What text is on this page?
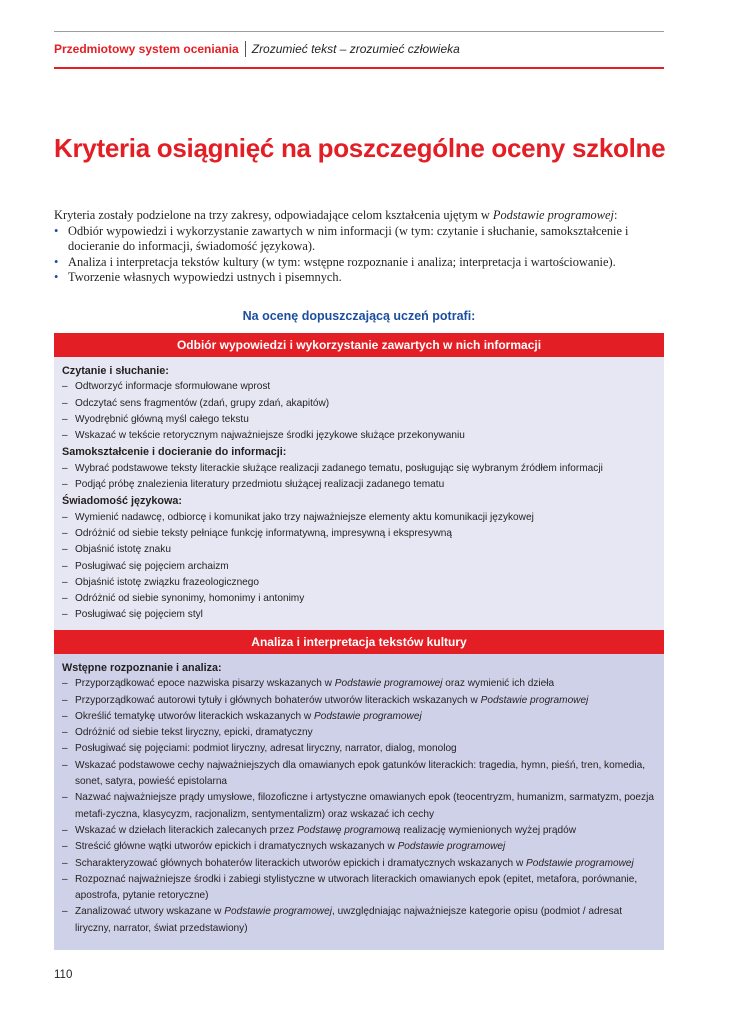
Przedmiotowy system oceniania Zrozumieć tekst – zrozumieć człowieka
Kryteria osiągnięć na poszczególne oceny szkolne

Kryteria zostały podzielone na trzy zakresy, odpowiadające celom kształcenia ujętym w Podstawie programowej:

• Odbiór wypowiedzi i wykorzystanie zawartych w nim informacji (w tym: czytanie i słuchanie, samokształcenie i docieranie do informacji, świadomość językowa).
• Analiza i interpretacja tekstów kultury (w tym: wstępne rozpoznanie i analiza; interpretacja i wartościowanie).
• Tworzenie własnych wypowiedzi ustnych i pisemnych.
Na ocenę dopuszczającą uczeń potrafi:
Odbiór wypowiedzi i wykorzystanie zawartych w nich informacji
Czytanie i słuchanie:
– Odtworzyć informacje sformułowane wprost
– Odczytać sens fragmentów (zdań, grupy zdań, akapitów)
– Wyodrębnić główną myśl całego tekstu
– Wskazać w tekście retorycznym najważniejsze środki językowe służące przekonywaniu
Samokształcenie i docieranie do informacji:
– Wybrać podstawowe teksty literackie służące realizacji zadanego tematu, posługując się wybranym źródłem informacji
– Podjąć próbę znalezienia literatury przedmiotu służącej realizacji zadanego tematu
Świadomość językowa:
– Wymienić nadawcę, odbiorcę i komunikat jako trzy najważniejsze elementy aktu komunikacji językowej
– Odróżnić od siebie teksty pełniące funkcję informatywną, impresywną i ekspresywną
– Objaśnić istotę znaku
– Posługiwać się pojęciem archaizm
– Objaśnić istotę związku frazeologicznego
– Odróżnić od siebie synonimy, homonimy i antonimy
– Posługiwać się pojęciem styl
Analiza i interpretacja tekstów kultury
Wstępne rozpoznanie i analiza:
– Przyporządkować epoce nazwiska pisarzy wskazanych w Podstawie programowej oraz wymienić ich dzieła
– Przyporządkować autorowi tytuły i głównych bohaterów utworów literackich wskazanych w Podstawie programowej
– Określić tematykę utworów literackich wskazanych w Podstawie programowej
– Odróżnić od siebie tekst liryczny, epicki, dramatyczny
– Posługiwać się pojęciami: podmiot liryczny, adresat liryczny, narrator, dialog, monolog
– Wskazać podstawowe cechy najważniejszych dla omawianych epok gatunków literackich: tragedia, hymn, pieśń, tren, komedia, sonet, satyra, powieść epistolarna
– Nazwać najważniejsze prądy umysłowe, filozoficzne i artystyczne omawianych epok (teocentryzm, humanizm, sarmatyzm, poezja metafi-zyczna, klasycyzm, racjonalizm, sentymentalizm) oraz wskazać ich cechy
– Wskazać w dziełach literackich zalecanych przez Podstawę programową realizację wymienionych wyżej prądów
– Streścić główne wątki utworów epickich i dramatycznych wskazanych w Podstawie programowej
– Scharakteryzować głównych bohaterów literackich utworów epickich i dramatycznych wskazanych w Podstawie programowej
– Rozpoznać najważniejsze środki i zabiegi stylistyczne w utworach literackich omawianych epok (epitet, metafora, porównanie, apostrofa, pytanie retoryczne)
– Zanalizować utwory wskazane w Podstawie programowej, uwzględniając najważniejsze kategorie opisu (podmiot / adresat liryczny, narrator, świat przedstawiony)
110
